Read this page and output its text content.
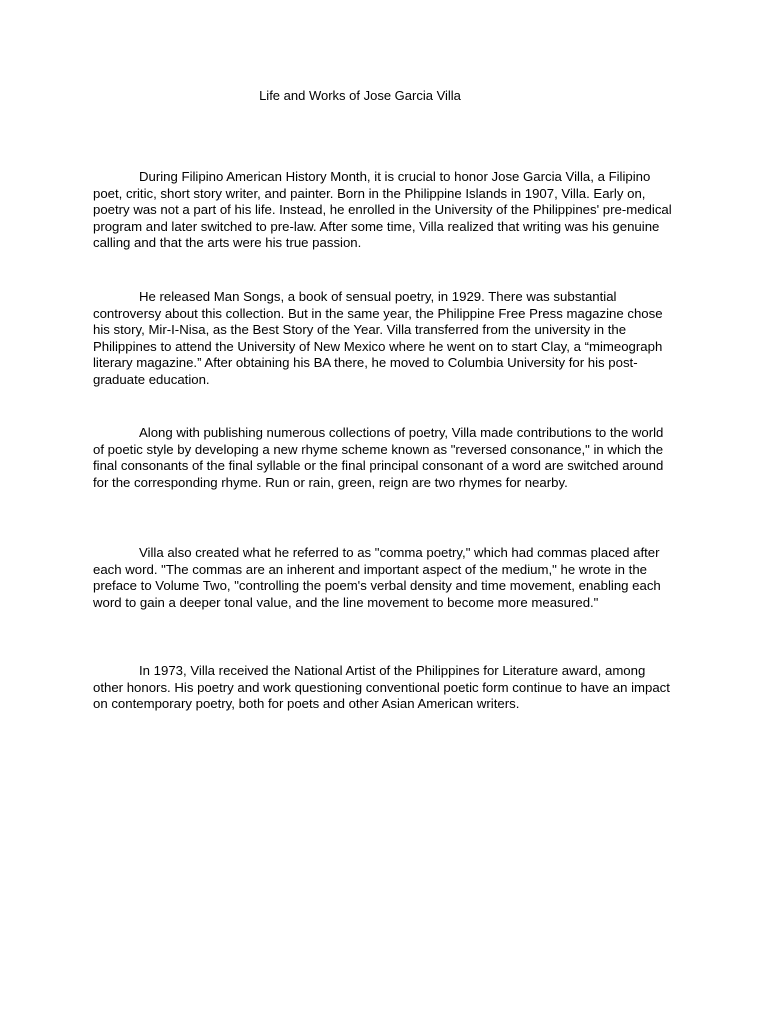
Life and Works of Jose Garcia Villa

During Filipino American History Month, it is crucial to honor Jose Garcia Villa, a Filipino poet, critic, short story writer, and painter. Born in the Philippine Islands in 1907, Villa. Early on, poetry was not a part of his life. Instead, he enrolled in the University of the Philippines' pre-medical program and later switched to pre-law. After some time, Villa realized that writing was his genuine calling and that the arts were his true passion.

He released Man Songs, a book of sensual poetry, in 1929. There was substantial controversy about this collection. But in the same year, the Philippine Free Press magazine chose his story, Mir-I-Nisa, as the Best Story of the Year. Villa transferred from the university in the Philippines to attend the University of New Mexico where he went on to start Clay, a “mimeograph literary magazine.” After obtaining his BA there, he moved to Columbia University for his post-graduate education.

Along with publishing numerous collections of poetry, Villa made contributions to the world of poetic style by developing a new rhyme scheme known as "reversed consonance," in which the final consonants of the final syllable or the final principal consonant of a word are switched around for the corresponding rhyme. Run or rain, green, reign are two rhymes for nearby.

Villa also created what he referred to as "comma poetry," which had commas placed after each word. "The commas are an inherent and important aspect of the medium," he wrote in the preface to Volume Two, "controlling the poem's verbal density and time movement, enabling each word to gain a deeper tonal value, and the line movement to become more measured."

In 1973, Villa received the National Artist of the Philippines for Literature award, among other honors. His poetry and work questioning conventional poetic form continue to have an impact on contemporary poetry, both for poets and other Asian American writers.
